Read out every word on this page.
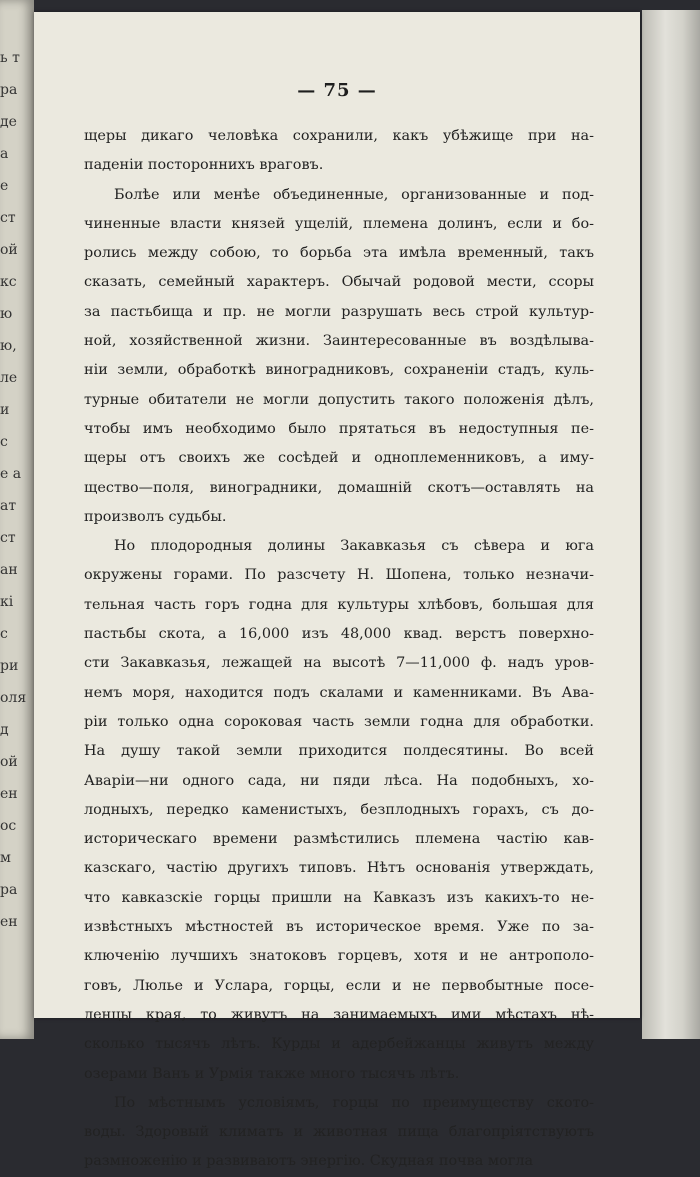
ь т
ра
де
а
е
ст
ой
кс
ю
ю,
ле
и
с
е а
ат
ст
ан
кі
с
ри
оля
д
ой
ен
ос
м
ра
ен
— 75 —
щеры дикаго человѣка сохранили, какъ убѣжище при на-
паденіи постороннихъ враговъ.
Болѣе или менѣе объединенные, организованные и под-
чиненные власти князей ущелій, племена долинъ, если и бо-
ролись между собою, то борьба эта имѣла временный, такъ
сказать, семейный характеръ. Обычай родовой мести, ссоры
за пастьбища и пр. не могли разрушать весь строй культур-
ной, хозяйственной жизни. Заинтересованные въ воздѣлыва-
ніи земли, обработкѣ виноградниковъ, сохраненіи стадъ, куль-
турные обитатели не могли допустить такого положенія дѣлъ,
чтобы имъ необходимо было прятаться въ недоступныя пе-
щеры отъ своихъ же сосѣдей и одноплеменниковъ, а иму-
щество—поля, виноградники, домашній скотъ—оставлять на
произволъ судьбы.
Но плодородныя долины Закавказья съ сѣвера и юга
окружены горами. По разсчету Н. Шопена, только незначи-
тельная часть горъ годна для культуры хлѣбовъ, большая для
пастьбы скота, а 16,000 изъ 48,000 квад. верстъ поверхно-
сти Закавказья, лежащей на высотѣ 7—11,000 ф. надъ уров-
немъ моря, находится подъ скалами и каменниками. Въ Ава-
ріи только одна сороковая часть земли годна для обработки.
На душу такой земли приходится полдесятины. Во всей
Аваріи—ни одного сада, ни пяди лѣса. На подобныхъ, хо-
лодныхъ, передко каменистыхъ, безплодныхъ горахъ, съ до-
историческаго времени размѣстились племена частію кав-
казскаго, частію другихъ типовъ. Нѣтъ основанія утверждать,
что кавказскіе горцы пришли на Кавказъ изъ какихъ-то не-
извѣстныхъ мѣстностей въ историческое время. Уже по за-
ключенію лучшихъ знатоковъ горцевъ, хотя и не антрополо-
говъ, Люлье и Услара, горцы, если и не первобытные посе-
ленцы края, то живутъ на занимаемыхъ ими мѣстахъ нѣ-
сколько тысячъ лѣтъ. Курды и адербейжанцы живутъ между
озерами Ванъ и Урмія также много тысячъ лѣтъ.
По мѣстнымъ условіямъ, горцы по преимуществу ското-
воды. Здоровый климатъ и животная пища благопріятствуютъ
размноженію и развиваютъ энергію. Скудная почва могла
